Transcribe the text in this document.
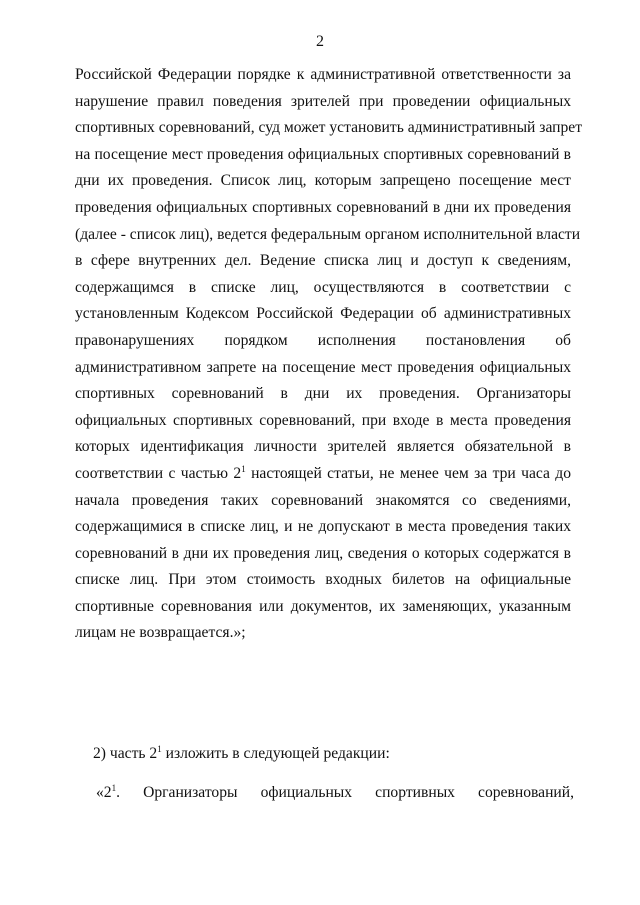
2
Российской Федерации порядке к административной ответственности за
нарушение правил поведения зрителей при проведении официальных
спортивных соревнований, суд может установить административный запрет
на посещение мест проведения официальных спортивных соревнований в
дни их проведения. Список лиц, которым запрещено посещение мест
проведения официальных спортивных соревнований в дни их проведения
(далее - список лиц), ведется федеральным органом исполнительной власти
в сфере внутренних дел. Ведение списка лиц и доступ к сведениям,
содержащимся в списке лиц, осуществляются в соответствии с
установленным Кодексом Российской Федерации об административных
правонарушениях порядком исполнения постановления об
административном запрете на посещение мест проведения официальных
спортивных соревнований в дни их проведения. Организаторы
официальных спортивных соревнований, при входе в места проведения
которых идентификация личности зрителей является обязательной в
соответствии с частью $2^1$ настоящей статьи, не менее чем за три часа до
начала проведения таких соревнований знакомятся со сведениями,
содержащимися в списке лиц, и не допускают в места проведения таких
соревнований в дни их проведения лиц, сведения о которых содержатся в
списке лиц. При этом стоимость входных билетов на официальные
спортивные соревнования или документов, их заменяющих, указанным
лицам не возвращается.»;
2) часть $2^1$ изложить в следующей редакции:
«$2^1$. Организаторы официальных спортивных соревнований,
